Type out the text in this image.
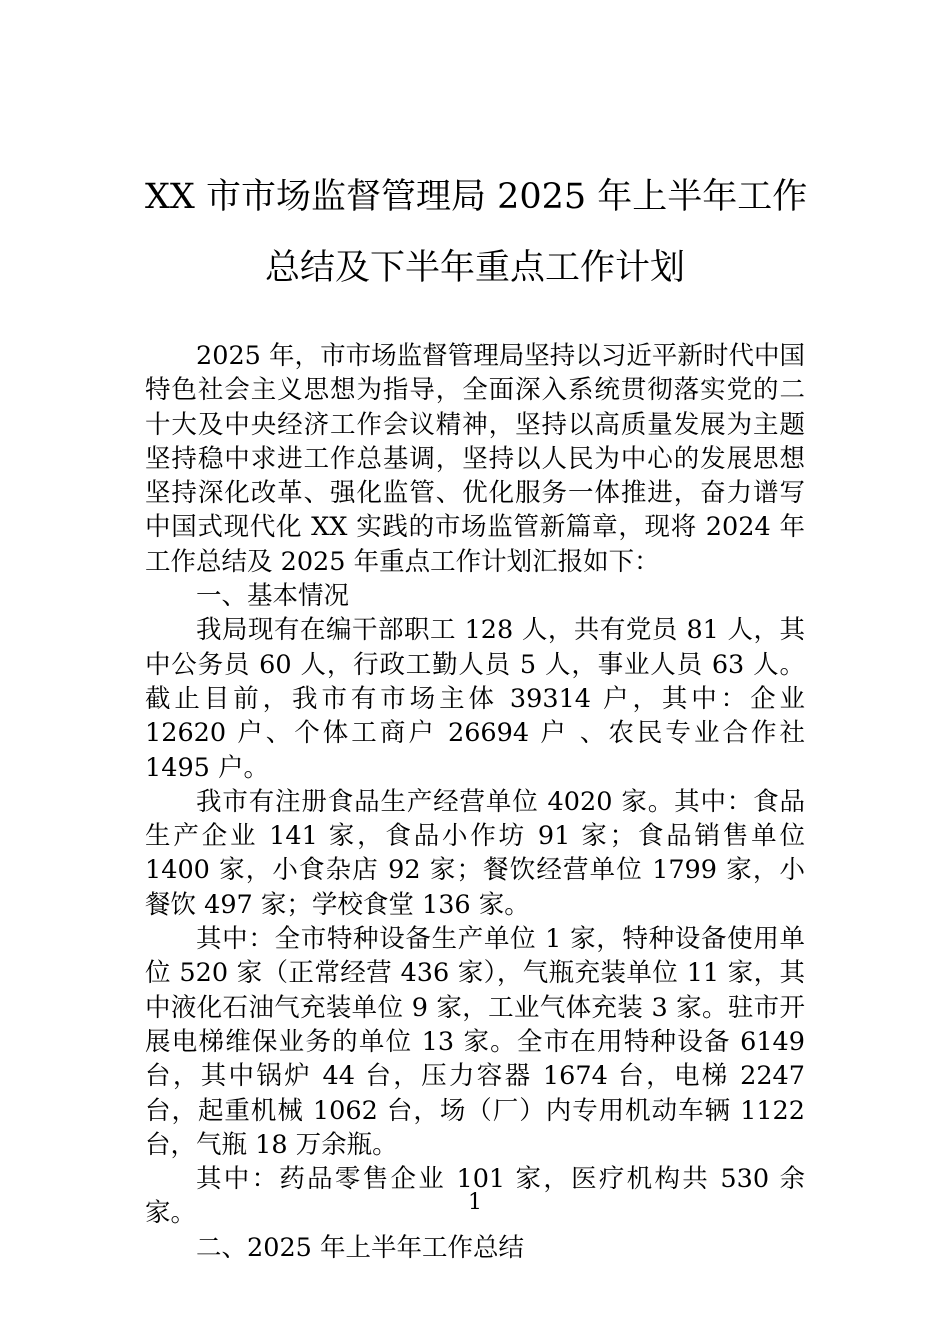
XX 市市场监督管理局 2025 年上半年工作
总结及下半年重点工作计划

2025 年，市市场监督管理局坚持以习近平新时代中国特色社会主义思想为指导，全面深入系统贯彻落实党的二十大及中央经济工作会议精神，坚持以高质量发展为主题坚持稳中求进工作总基调，坚持以人民为中心的发展思想坚持深化改革、强化监管、优化服务一体推进，奋力谱写中国式现代化 XX 实践的市场监管新篇章，现将 2024 年工作总结及 2025 年重点工作计划汇报如下：

一、基本情况

我局现有在编干部职工 128 人，共有党员 81 人，其中公务员 60 人，行政工勤人员 5 人，事业人员 63 人。截止目前，我市有市场主体 39314 户，其中：企业 12620 户、个体工商户 26694 户 、农民专业合作社 1495 户。

我市有注册食品生产经营单位 4020 家。其中：食品生产企业 141 家，食品小作坊 91 家；食品销售单位 1400 家，小食杂店 92 家；餐饮经营单位 1799 家，小餐饮 497 家；学校食堂 136 家。

其中：全市特种设备生产单位 1 家，特种设备使用单位 520 家（正常经营 436 家），气瓶充装单位 11 家，其中液化石油气充装单位 9 家，工业气体充装 3 家。驻市开展电梯维保业务的单位 13 家。全市在用特种设备 6149 台，其中锅炉 44 台，压力容器 1674 台，电梯 2247 台，起重机械 1062 台，场（厂）内专用机动车辆 1122 台，气瓶 18 万余瓶。

其中：药品零售企业 101 家，医疗机构共 530 余家。

二、2025 年上半年工作总结

1
